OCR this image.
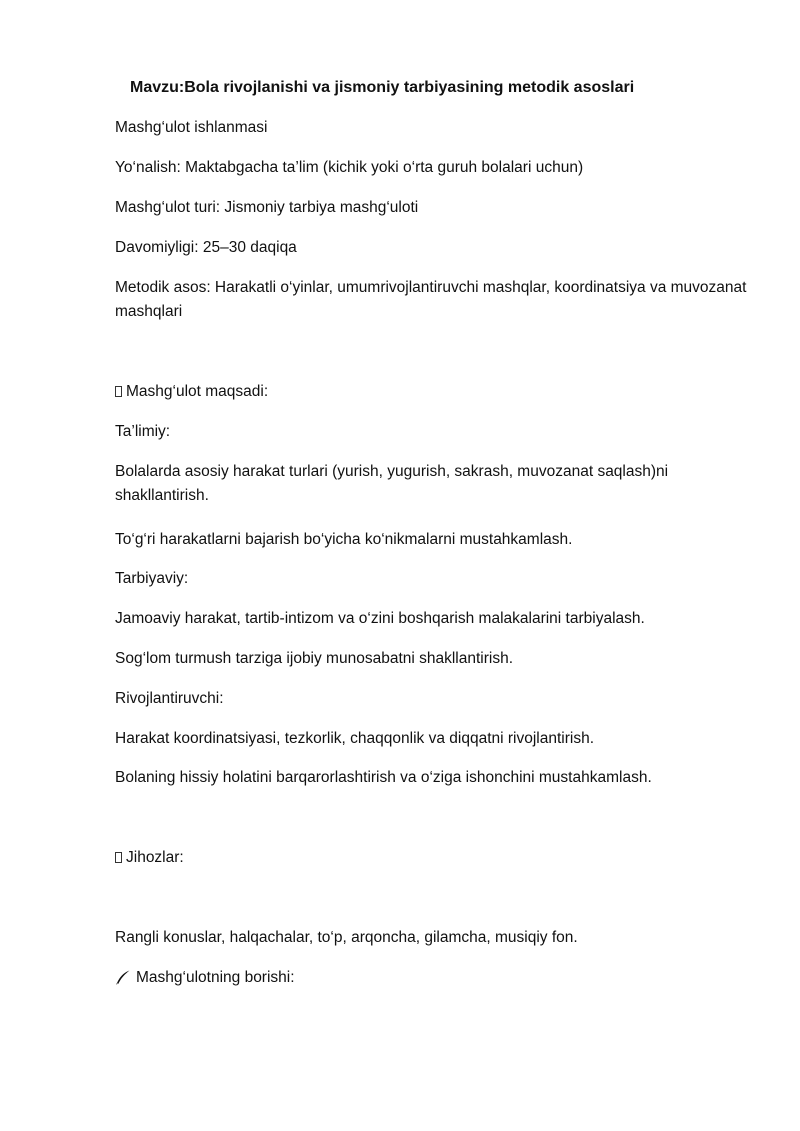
Mavzu:Bola rivojlanishi va jismoniy tarbiyasining metodik asoslari
Mashg‘ulot ishlanmasi
Yo‘nalish: Maktabgacha ta’lim (kichik yoki o‘rta guruh bolalari uchun)
Mashg‘ulot turi: Jismoniy tarbiya mashg‘uloti
Davomiyligi: 25–30 daqiqa
Metodik asos: Harakatli o‘yinlar, umumrivojlantiruvchi mashqlar, koordinatsiya va muvozanat mashqlari
Mashg‘ulot maqsadi:
Ta’limiy:
Bolalarda asosiy harakat turlari (yurish, yugurish, sakrash, muvozanat saqlash)ni shakllantirish.
To‘g‘ri harakatlarni bajarish bo‘yicha ko‘nikmalarni mustahkamlash.
Tarbiyaviy:
Jamoaviy harakat, tartib-intizom va o‘zini boshqarish malakalarini tarbiyalash.
Sog‘lom turmush tarziga ijobiy munosabatni shakllantirish.
Rivojlantiruvchi:
Harakat koordinatsiyasi, tezkorlik, chaqqonlik va diqqatni rivojlantirish.
Bolaning hissiy holatini barqarorlashtirish va o‘ziga ishonchini mustahkamlash.
Jihozlar:
Rangli konuslar, halqachalar, to‘p, arqoncha, gilamcha, musiqiy fon.
Mashg‘ulotning borishi:
